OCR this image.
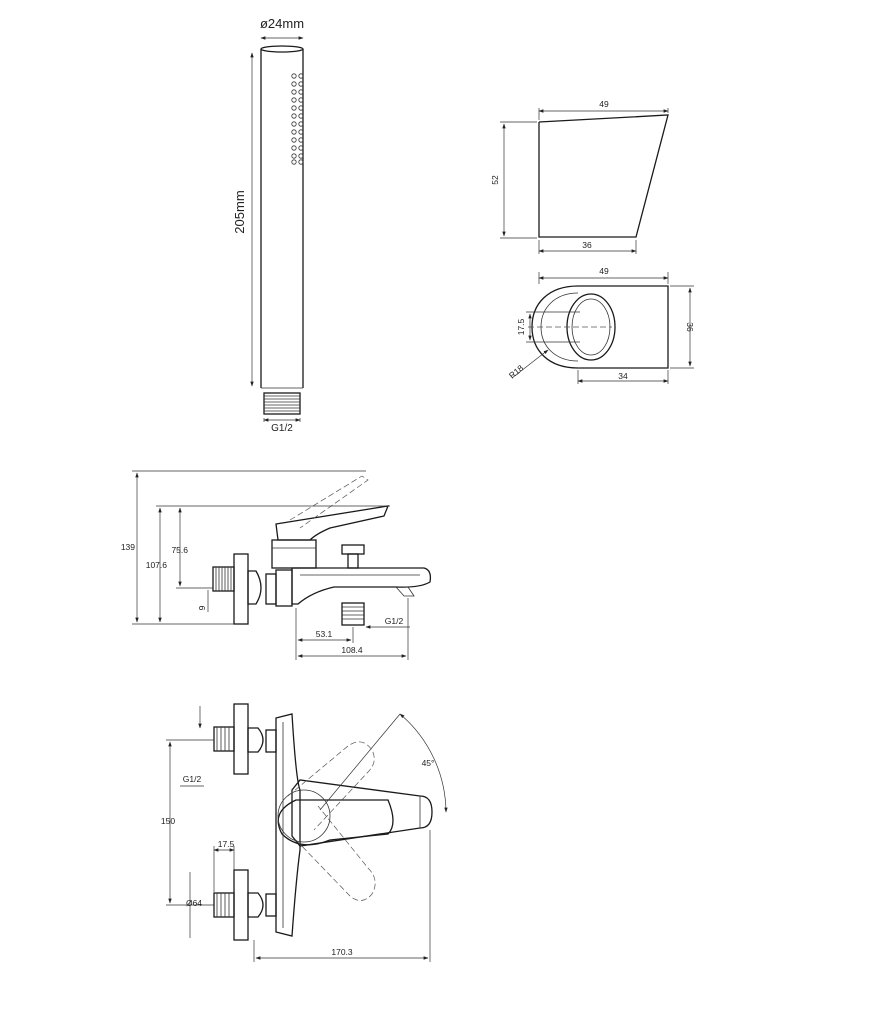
ø24mm
205mm
G1/2
49
52
36
49
36
17.5
R18	34
139
107.6
75.6
9
53.1
G1/2
108.4
45°
G1/2
150
17.5
Ø64
170.3
